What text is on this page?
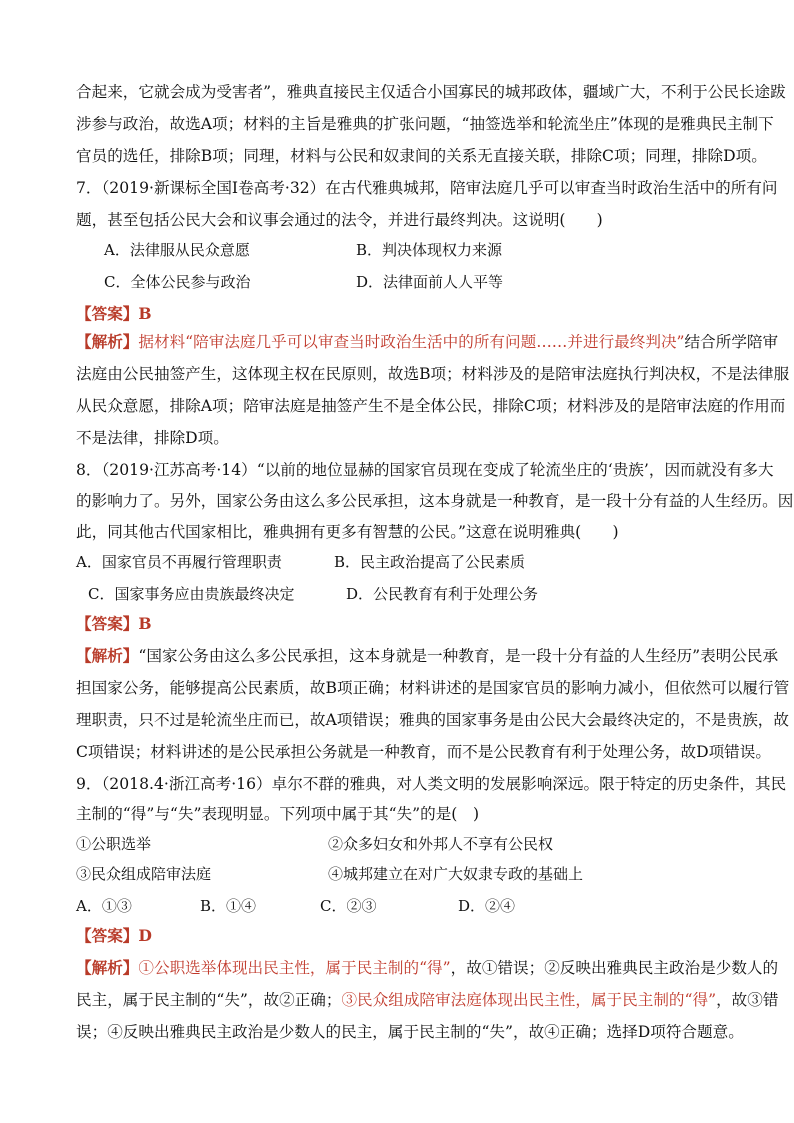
合起来，它就会成为受害者”，雅典直接民主仅适合小国寡民的城邦政体，疆域广大，不利于公民长途跋
涉参与政治，故选A项；材料的主旨是雅典的扩张问题，“抽签选举和轮流坐庄”体现的是雅典民主制下
官员的选任，排除B项；同理，材料与公民和奴隶间的关系无直接关联，排除C项；同理，排除D项。
7．（2019·新课标全国Ⅰ卷高考·32）在古代雅典城邦，陪审法庭几乎可以审查当时政治生活中的所有问
题，甚至包括公民大会和议事会通过的法令，并进行最终判决。这说明(　　)
A．法律服从民众意愿	B．判决体现权力来源
C．全体公民参与政治	D．法律面前人人平等
【答案】B
【解析】据材料“陪审法庭几乎可以审查当时政治生活中的所有问题……并进行最终判决”结合所学陪审
法庭由公民抽签产生，这体现主权在民原则，故选B项；材料涉及的是陪审法庭执行判决权，不是法律服
从民众意愿，排除A项；陪审法庭是抽签产生不是全体公民，排除C项；材料涉及的是陪审法庭的作用而
不是法律，排除D项。
8．（2019·江苏高考·14）“以前的地位显赫的国家官员现在变成了轮流坐庄的‘贵族’，因而就没有多大
的影响力了。另外，国家公务由这么多公民承担，这本身就是一种教育，是一段十分有益的人生经历。因
此，同其他古代国家相比，雅典拥有更多有智慧的公民。”这意在说明雅典(　　)
A．国家官员不再履行管理职责	B．民主政治提高了公民素质
C．国家事务应由贵族最终决定	D．公民教育有利于处理公务
【答案】B
【解析】“国家公务由这么多公民承担，这本身就是一种教育，是一段十分有益的人生经历”表明公民承
担国家公务，能够提高公民素质，故B项正确；材料讲述的是国家官员的影响力减小，但依然可以履行管
理职责，只不过是轮流坐庄而已，故A项错误；雅典的国家事务是由公民大会最终决定的，不是贵族，故
C项错误；材料讲述的是公民承担公务就是一种教育，而不是公民教育有利于处理公务，故D项错误。
9．（2018.4·浙江高考·16）卓尔不群的雅典，对人类文明的发展影响深远。限于特定的历史条件，其民
主制的“得”与“失”表现明显。下列项中属于其“失”的是(　)
①公职选举	②众多妇女和外邦人不享有公民权
③民众组成陪审法庭	④城邦建立在对广大奴隶专政的基础上
A．①③	B．①④	C．②③	D．②④
【答案】D
【解析】①公职选举体现出民主性，属于民主制的“得”，故①错误；②反映出雅典民主政治是少数人的
民主，属于民主制的“失”，故②正确；③民众组成陪审法庭体现出民主性，属于民主制的“得”，故③错
误；④反映出雅典民主政治是少数人的民主，属于民主制的“失”，故④正确；选择D项符合题意。
